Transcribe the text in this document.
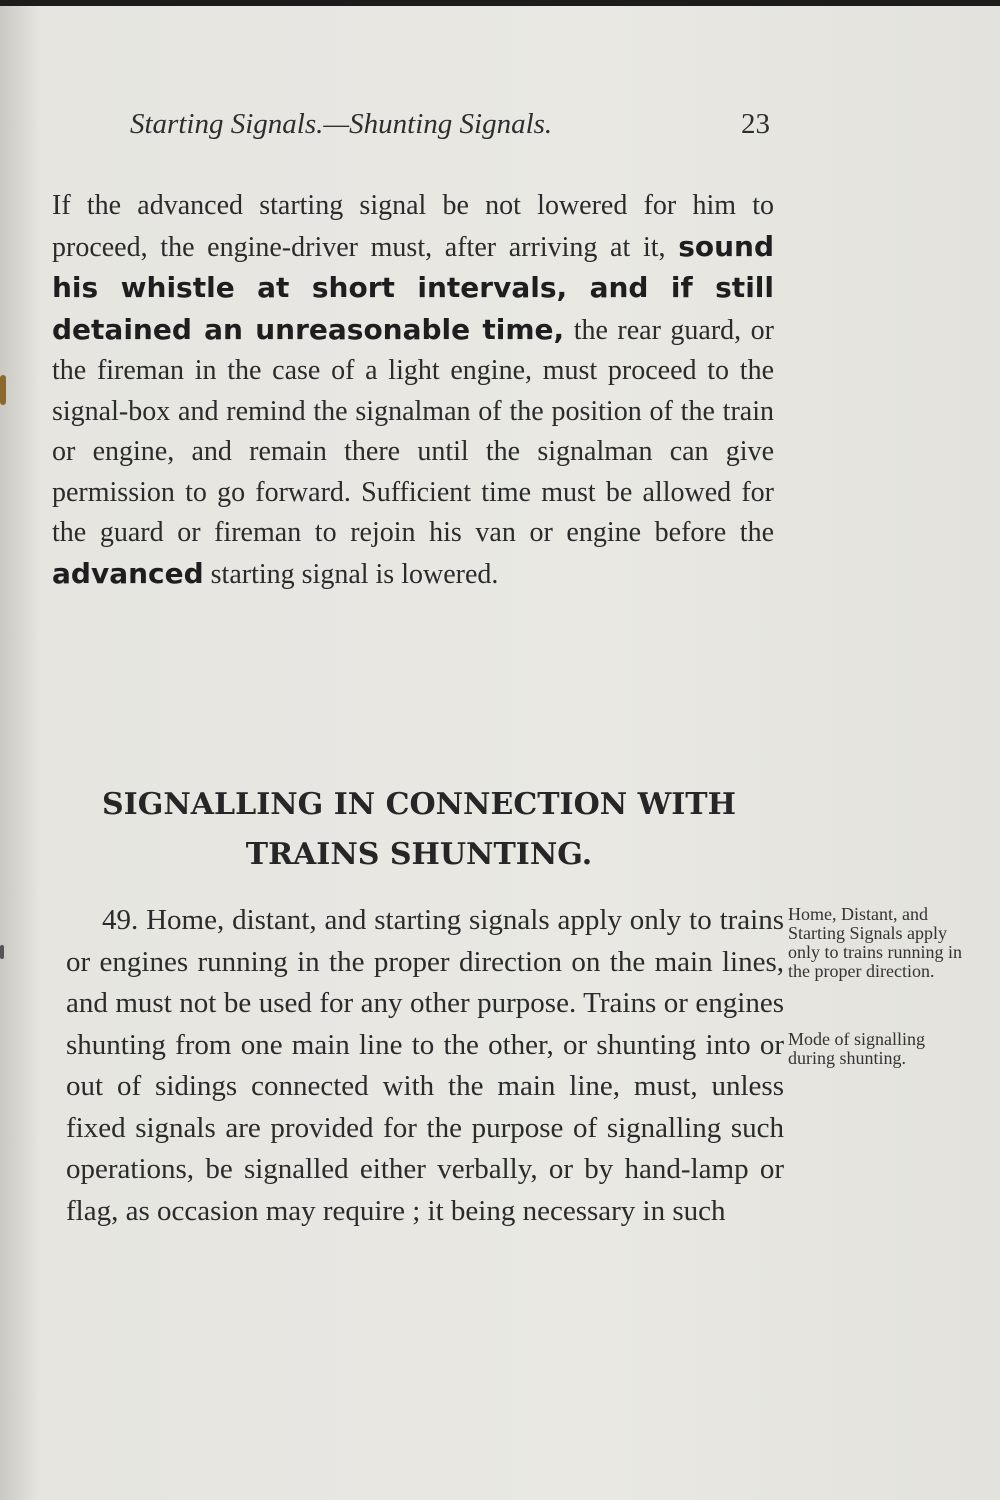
Starting Signals.—Shunting Signals.	23

If the advanced starting signal be not lowered for him to proceed, the engine-driver must, after arriving at it, sound his whistle at short intervals, and if still detained an unreasonable time, the rear guard, or the fireman in the case of a light engine, must proceed to the signal-box and remind the signalman of the position of the train or engine, and remain there until the signalman can give permission to go forward. Sufficient time must be allowed for the guard or fireman to rejoin his van or engine before the advanced starting signal is lowered.

SIGNALLING IN CONNECTION WITH
TRAINS SHUNTING.

49. Home, distant, and starting signals apply only to trains or engines running in the proper direction on the main lines, and must not be used for any other purpose. Trains or engines shunting from one main line to the other, or shunting into or out of sidings connected with the main line, must, unless fixed signals are provided for the purpose of signalling such operations, be signalled either verbally, or by hand-lamp or flag, as occasion may require ; it being necessary in such

Home, Distant, and Starting Signals apply only to trains running in the proper direction.

Mode of signalling during shunting.
